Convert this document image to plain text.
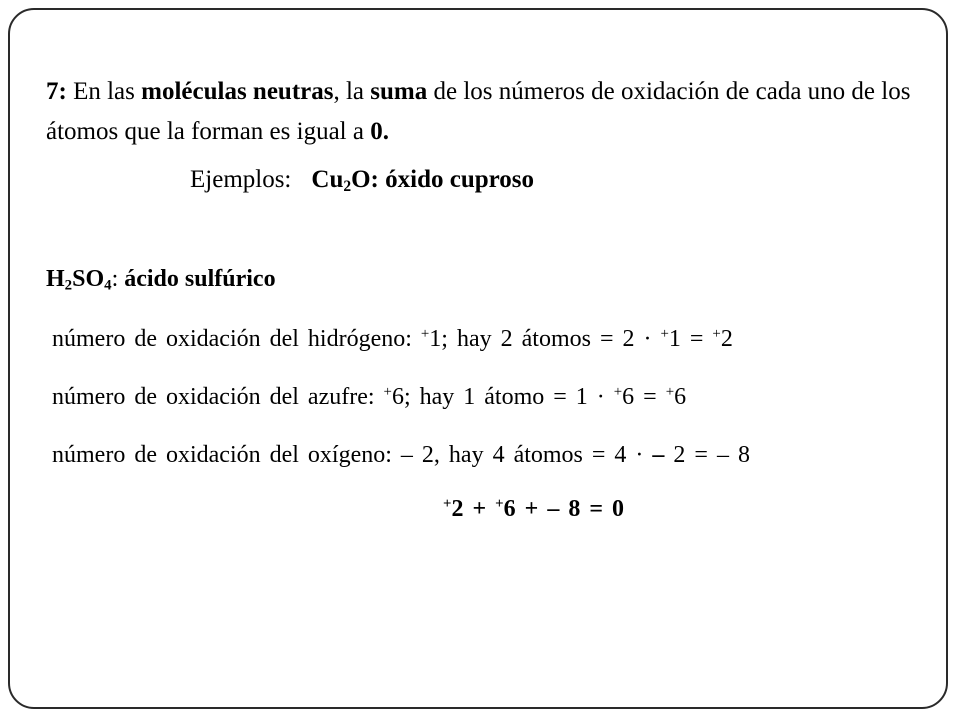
7: En las moléculas neutras, la suma de los números de oxidación de cada uno de los átomos que la forman es igual a 0.
Ejemplos: $Cu_2O$: óxido cuproso
$H_2SO_4$: ácido sulfúrico
número de oxidación del hidrógeno: +1; hay 2 átomos = 2 · +1 = +2
número de oxidación del azufre: +6; hay 1 átomo = 1 · +6 = +6
número de oxidación del oxígeno: – 2, hay 4 átomos = 4 · – 2 = – 8
+2 + +6 + – 8 = 0
